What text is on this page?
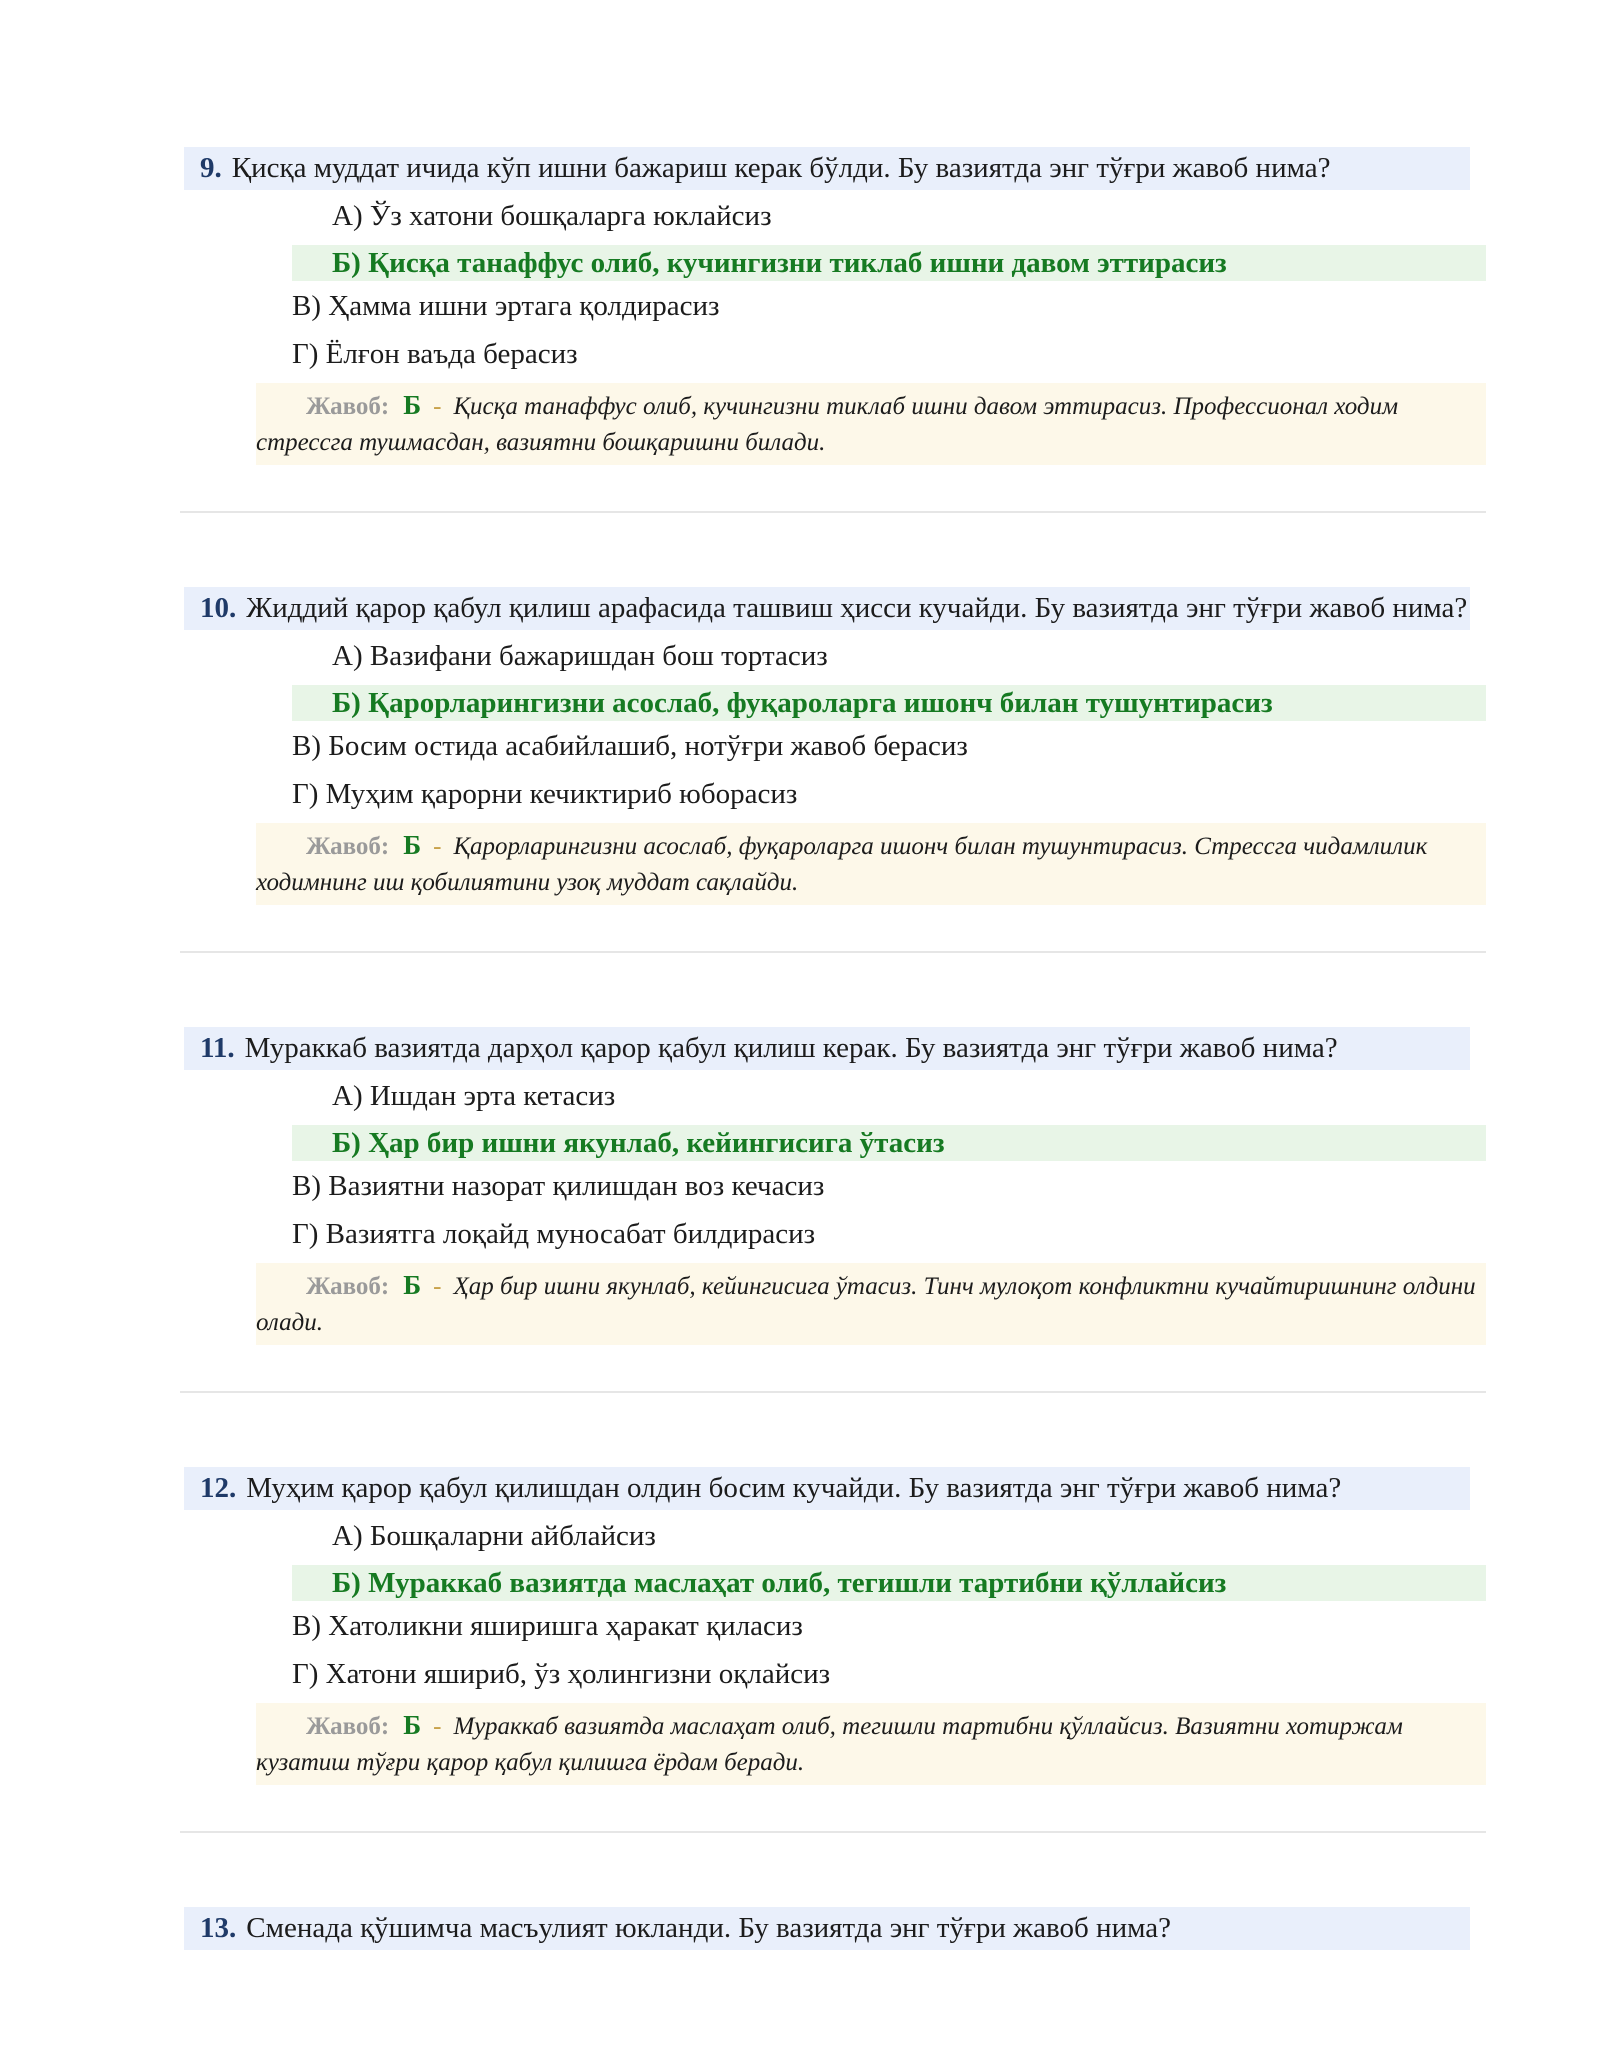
9. Қисқа муддат ичида кўп ишни бажариш керак бўлди. Бу вазиятда энг тўғри жавоб нима?
А) Ўз хатони бошқаларга юклайсиз
Б) Қисқа танаффус олиб, кучингизни тиклаб ишни давом эттирасиз
В) Ҳамма ишни эртага қолдирасиз
Г) Ёлғон ваъда берасиз
Жавоб: Б - Қисқа танаффус олиб, кучингизни тиклаб ишни давом эттирасиз. Профессионал ходим стрессга тушмасдан, вазиятни бошқаришни билади.
10. Жиддий қарор қабул қилиш арафасида ташвиш ҳисси кучайди. Бу вазиятда энг тўғри жавоб нима?
А) Вазифани бажаришдан бош тортасиз
Б) Қарорларингизни асослаб, фуқароларга ишонч билан тушунтирасиз
В) Босим остида асабийлашиб, нотўғри жавоб берасиз
Г) Муҳим қарорни кечиктириб юборасиз
Жавоб: Б - Қарорларингизни асослаб, фуқароларга ишонч билан тушунтирасиз. Стрессга чидамлилик ходимнинг иш қобилиятини узоқ муддат сақлайди.
11. Мураккаб вазиятда дарҳол қарор қабул қилиш керак. Бу вазиятда энг тўғри жавоб нима?
А) Ишдан эрта кетасиз
Б) Ҳар бир ишни якунлаб, кейингисига ўтасиз
В) Вазиятни назорат қилишдан воз кечасиз
Г) Вазиятга лоқайд муносабат билдирасиз
Жавоб: Б - Ҳар бир ишни якунлаб, кейингисига ўтасиз. Тинч мулоқот конфликтни кучайтиришнинг олдини олади.
12. Муҳим қарор қабул қилишдан олдин босим кучайди. Бу вазиятда энг тўғри жавоб нима?
А) Бошқаларни айблайсиз
Б) Мураккаб вазиятда маслаҳат олиб, тегишли тартибни қўллайсиз
В) Хатоликни яширишга ҳаракат қиласиз
Г) Хатони яшириб, ўз ҳолингизни оқлайсиз
Жавоб: Б - Мураккаб вазиятда маслаҳат олиб, тегишли тартибни қўллайсиз. Вазиятни хотиржам кузатиш тўғри қарор қабул қилишга ёрдам беради.
13. Сменада қўшимча масъулият юкланди. Бу вазиятда энг тўғри жавоб нима?
